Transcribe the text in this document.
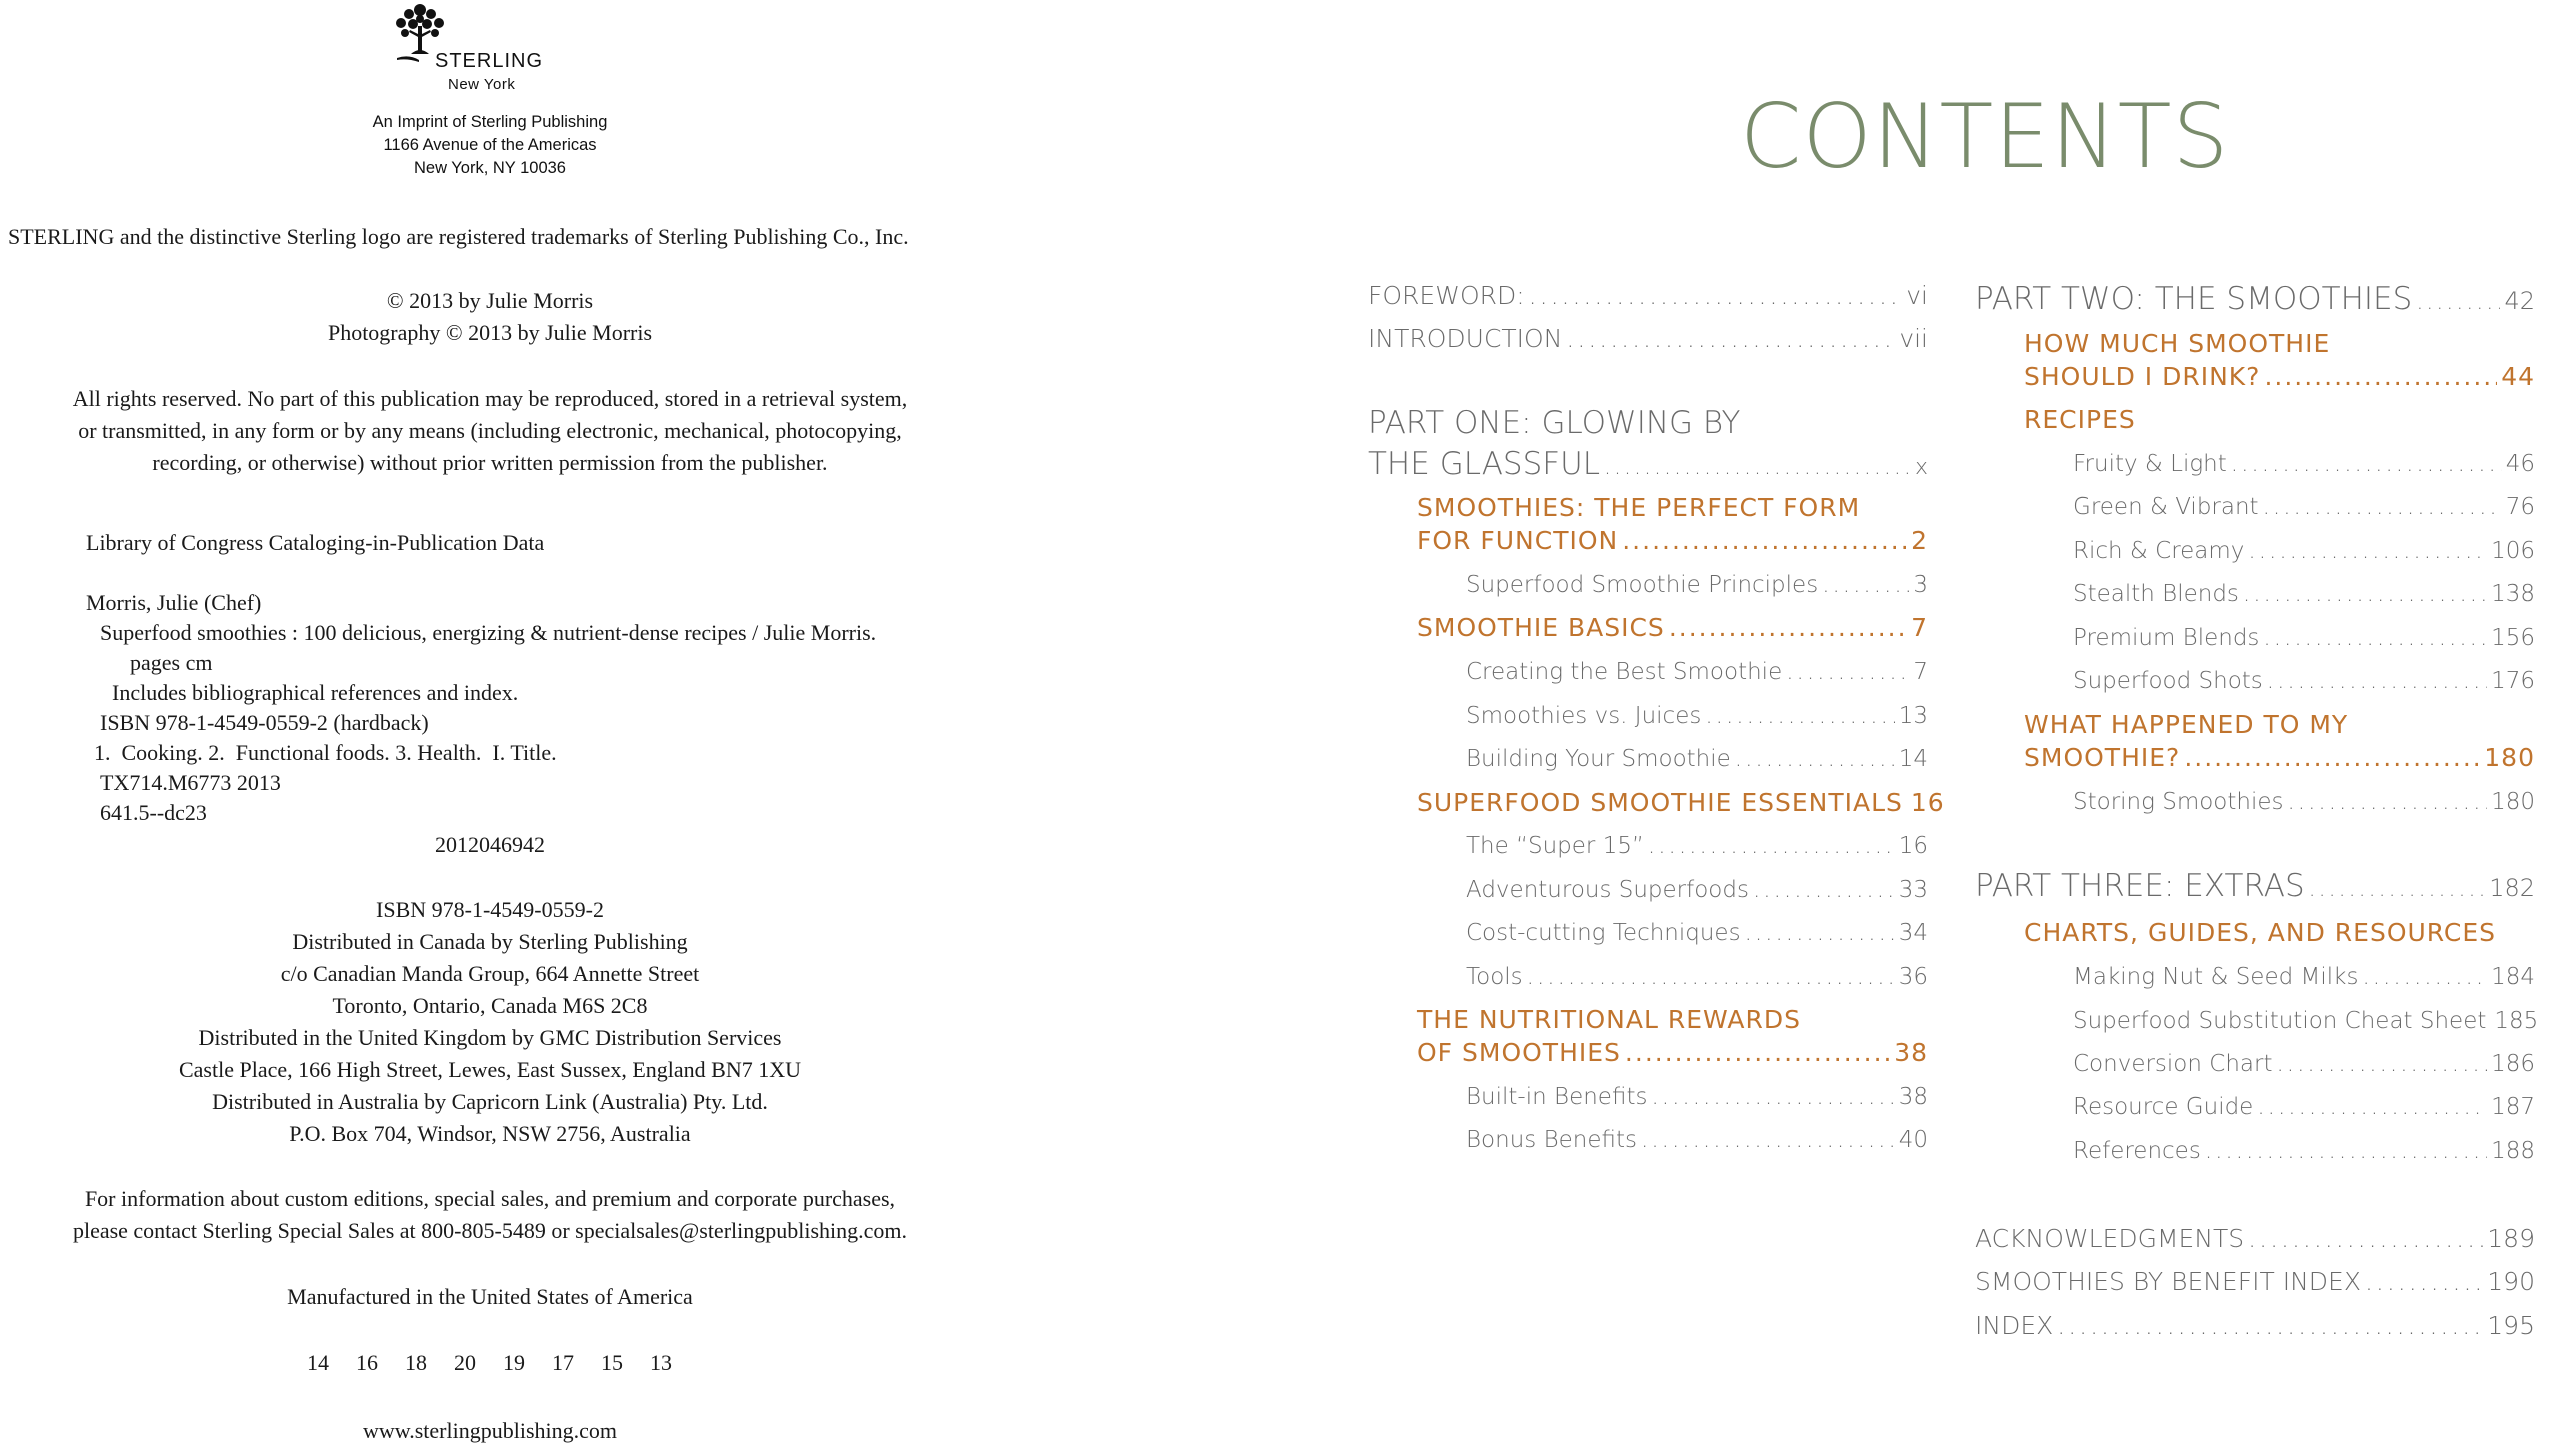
STERLING
New York
An Imprint of Sterling Publishing
1166 Avenue of the Americas
New York, NY 10036
STERLING and the distinctive Sterling logo are registered trademarks of Sterling Publishing Co., Inc.
© 2013 by Julie Morris
Photography © 2013 by Julie Morris
All rights reserved. No part of this publication may be reproduced, stored in a retrieval system,
or transmitted, in any form or by any means (including electronic, mechanical, photocopying,
recording, or otherwise) without prior written permission from the publisher.
Library of Congress Cataloging-in-Publication Data
Morris, Julie (Chef)
Superfood smoothies : 100 delicious, energizing & nutrient-dense recipes / Julie Morris.
pages cm
Includes bibliographical references and index.
ISBN 978-1-4549-0559-2 (hardback)
1.  Cooking. 2.  Functional foods. 3. Health.  I. Title.
TX714.M6773 2013
641.5--dc23
2012046942
ISBN 978-1-4549-0559-2
Distributed in Canada by Sterling Publishing
c/o Canadian Manda Group, 664 Annette Street
Toronto, Ontario, Canada M6S 2C8
Distributed in the United Kingdom by GMC Distribution Services
Castle Place, 166 High Street, Lewes, East Sussex, England BN7 1XU
Distributed in Australia by Capricorn Link (Australia) Pty. Ltd.
P.O. Box 704, Windsor, NSW 2756, Australia
For information about custom editions, special sales, and premium and corporate purchases,
please contact Sterling Special Sales at 800-805-5489 or specialsales@sterlingpublishing.com.
Manufactured in the United States of America
14 16 18 20 19 17 15 13
www.sterlingpublishing.com
CONTENTS
FOREWORD: .....	vi
INTRODUCTION .....	vii
PART ONE: GLOWING BY
THE GLASSFUL .....	x
SMOOTHIES: THE PERFECT FORM
FOR FUNCTION .....	2
Superfood Smoothie Principles .....	3
SMOOTHIE BASICS .....	7
Creating the Best Smoothie .....	7
Smoothies vs. Juices .....	13
Building Your Smoothie .....	14
SUPERFOOD SMOOTHIE ESSENTIALS 16
The “Super 15” .....	16
Adventurous Superfoods .....	33
Cost-cutting Techniques .....	34
Tools .....	36
THE NUTRITIONAL REWARDS
OF SMOOTHIES .....	38
Built-in Benefits .....	38
Bonus Benefits .....	40
PART TWO: THE SMOOTHIES .....	42
HOW MUCH SMOOTHIE
SHOULD I DRINK? .....	44
RECIPES
Fruity & Light .....	46
Green & Vibrant .....	76
Rich & Creamy .....	106
Stealth Blends .....	138
Premium Blends .....	156
Superfood Shots .....	176
WHAT HAPPENED TO MY
SMOOTHIE? .....	180
Storing Smoothies .....	180
PART THREE: EXTRAS .....	182
CHARTS, GUIDES, AND RESOURCES
Making Nut & Seed Milks .....	184
Superfood Substitution Cheat Sheet 185
Conversion Chart .....	186
Resource Guide .....	187
References .....	188
ACKNOWLEDGMENTS .....	189
SMOOTHIES BY BENEFIT INDEX .....	190
INDEX .....	195
